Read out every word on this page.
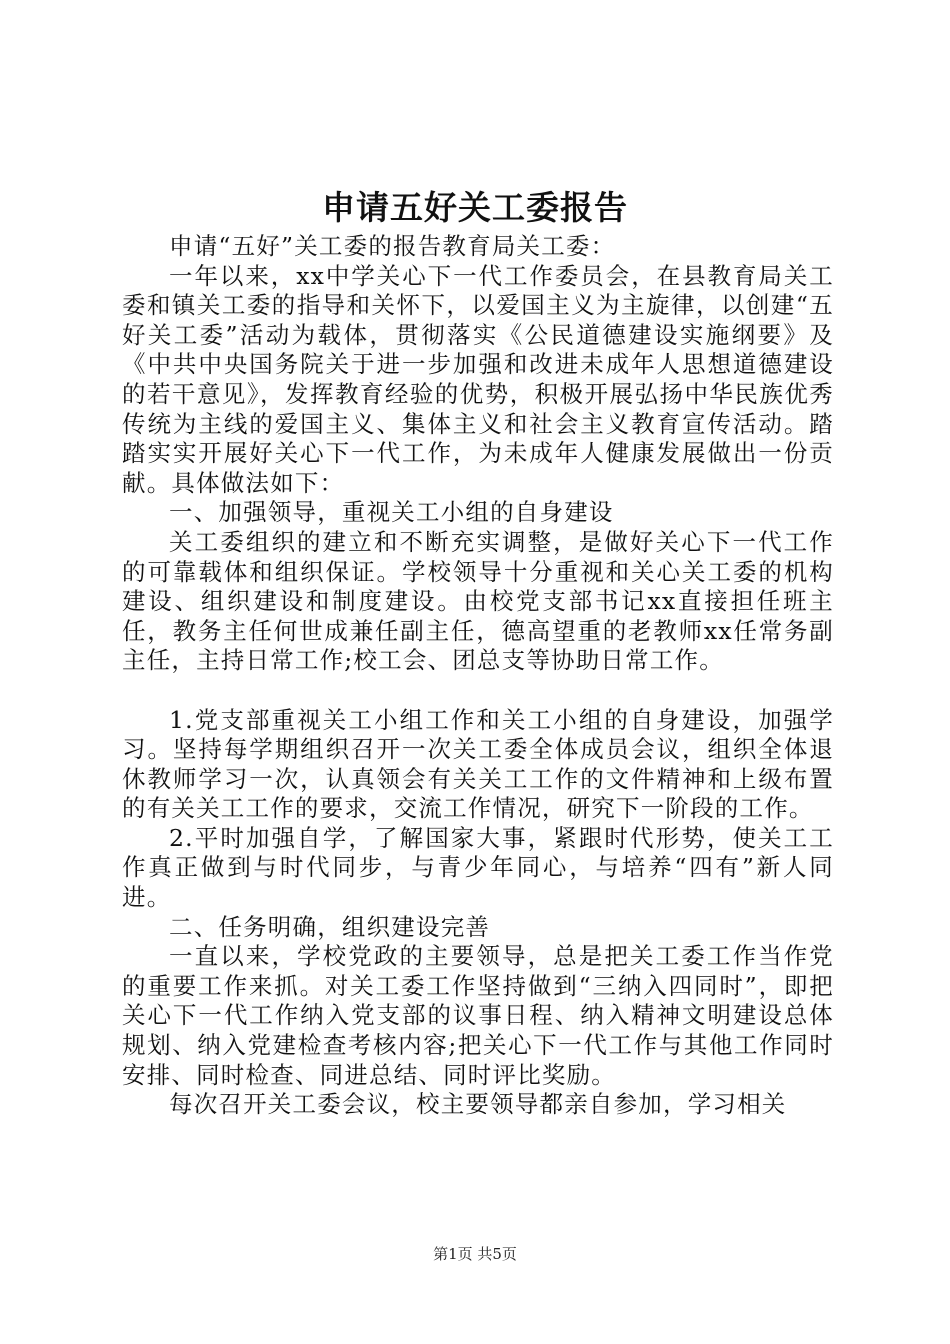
申请五好关工委报告

申请“五好”关工委的报告教育局关工委：

一年以来，xx中学关心下一代工作委员会，在县教育局关工委和镇关工委的指导和关怀下，以爱国主义为主旋律，以创建“五好关工委”活动为载体，贯彻落实《公民道德建设实施纲要》及《中共中央国务院关于进一步加强和改进未成年人思想道德建设的若干意见》，发挥教育经验的优势，积极开展弘扬中华民族优秀传统为主线的爱国主义、集体主义和社会主义教育宣传活动。踏踏实实开展好关心下一代工作，为未成年人健康发展做出一份贡献。具体做法如下：

一、加强领导，重视关工小组的自身建设

关工委组织的建立和不断充实调整，是做好关心下一代工作的可靠载体和组织保证。学校领导十分重视和关心关工委的机构建设、组织建设和制度建设。由校党支部书记xx直接担任班主任，教务主任何世成兼任副主任，德高望重的老教师xx任常务副主任，主持日常工作;校工会、团总支等协助日常工作。

1.党支部重视关工小组工作和关工小组的自身建设，加强学习。坚持每学期组织召开一次关工委全体成员会议，组织全体退休教师学习一次，认真领会有关关工工作的文件精神和上级布置的有关关工工作的要求，交流工作情况，研究下一阶段的工作。

2.平时加强自学，了解国家大事，紧跟时代形势，使关工工作真正做到与时代同步，与青少年同心，与培养“四有”新人同进。

二、任务明确，组织建设完善

一直以来，学校党政的主要领导，总是把关工委工作当作党的重要工作来抓。对关工委工作坚持做到“三纳入四同时”，即把关心下一代工作纳入党支部的议事日程、纳入精神文明建设总体规划、纳入党建检查考核内容;把关心下一代工作与其他工作同时安排、同时检查、同进总结、同时评比奖励。

每次召开关工委会议，校主要领导都亲自参加，学习相关

第1页 共5页
